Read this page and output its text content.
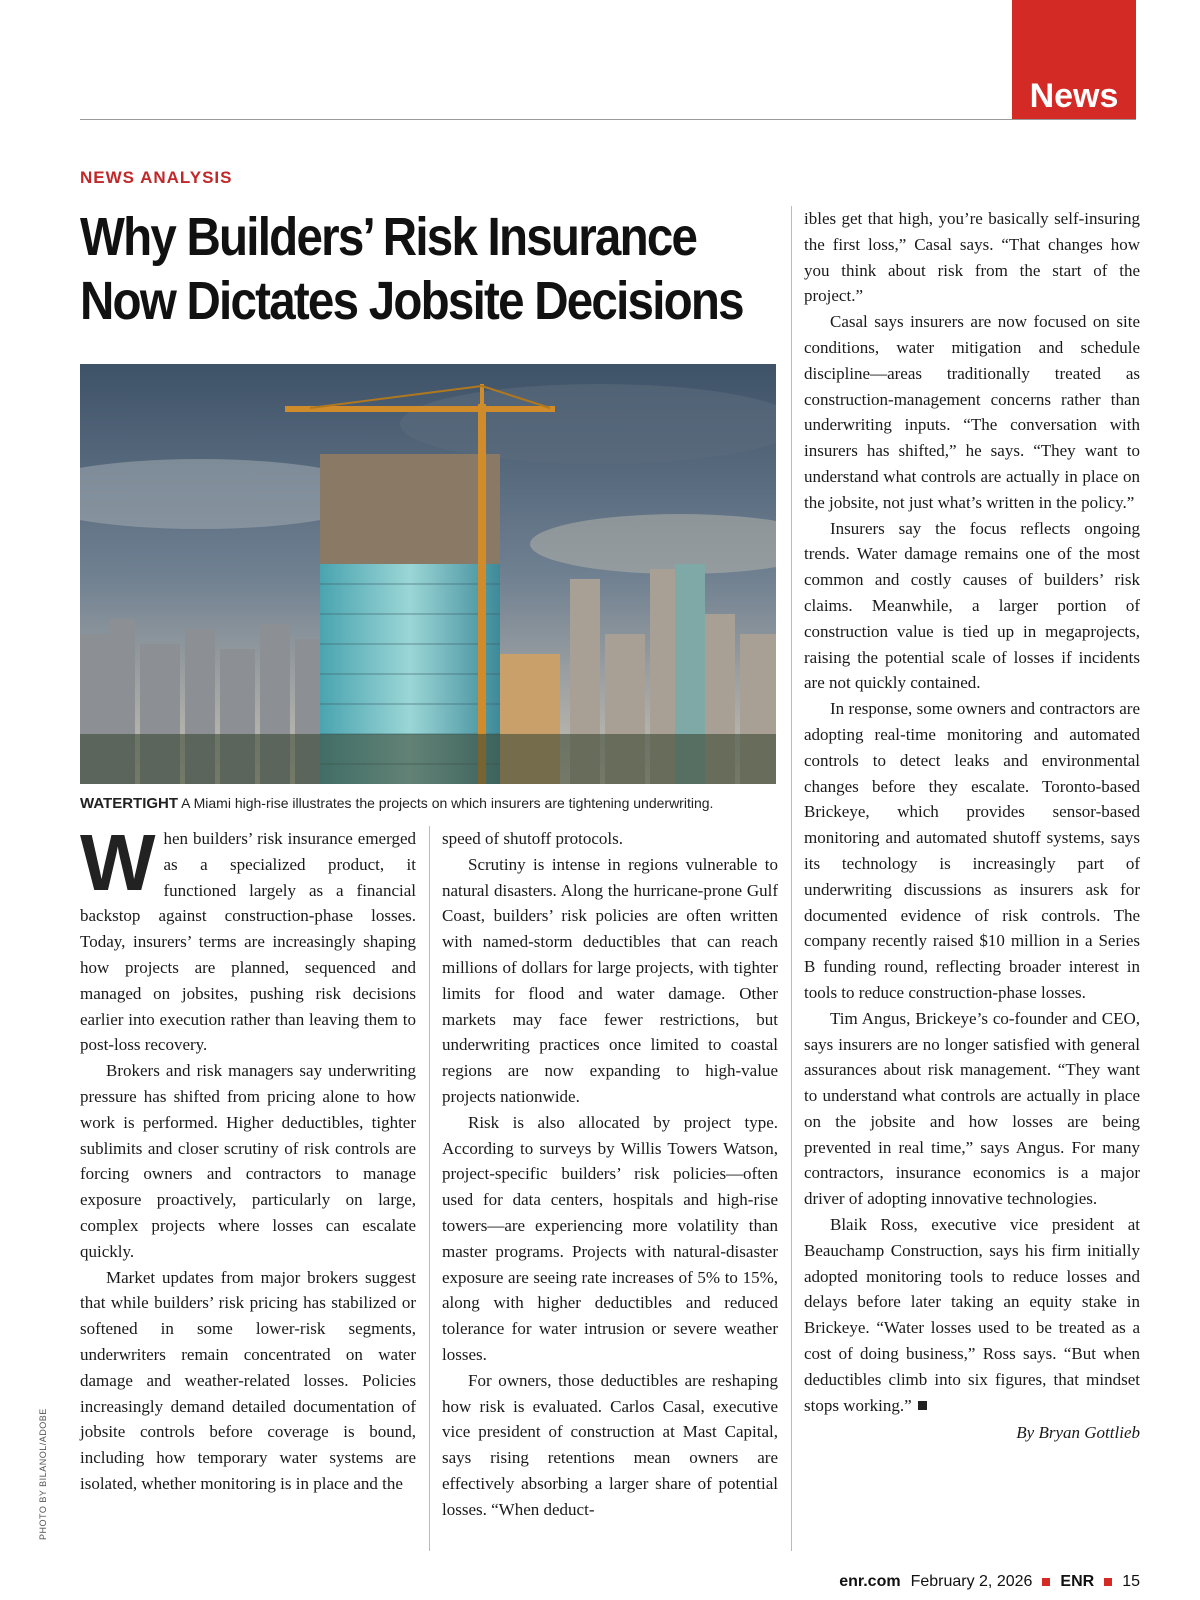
News
NEWS ANALYSIS
Why Builders’ Risk Insurance
Now Dictates Jobsite Decisions
WATERTIGHT A Miami high-rise illustrates the projects on which insurers are tightening underwriting.
PHOTO BY BILANOL/ADOBE

When builders’ risk insurance emerged as a specialized product, it functioned largely as a financial backstop against construction-phase losses. Today, insurers’ terms are increasingly shaping how projects are planned, sequenced and managed on jobsites, pushing risk decisions earlier into execution rather than leaving them to post-loss recovery.

Brokers and risk managers say underwriting pressure has shifted from pricing alone to how work is performed. Higher deductibles, tighter sublimits and closer scrutiny of risk controls are forcing owners and contractors to manage exposure proactively, particularly on large, complex projects where losses can escalate quickly.

Market updates from major brokers suggest that while builders’ risk pricing has stabilized or softened in some lower-risk segments, underwriters remain concentrated on water damage and weather-related losses. Policies increasingly demand detailed documentation of jobsite controls before coverage is bound, including how temporary water systems are isolated, whether monitoring is in place and the

speed of shutoff protocols.

Scrutiny is intense in regions vulnerable to natural disasters. Along the hurricane-prone Gulf Coast, builders’ risk policies are often written with named-storm deductibles that can reach millions of dollars for large projects, with tighter limits for flood and water damage. Other markets may face fewer restrictions, but underwriting practices once limited to coastal regions are now expanding to high-value projects nationwide.

Risk is also allocated by project type. According to surveys by Willis Towers Watson, project-specific builders’ risk policies—often used for data centers, hospitals and high-rise towers—are experiencing more volatility than master programs. Projects with natural-disaster exposure are seeing rate increases of 5% to 15%, along with higher deductibles and reduced tolerance for water intrusion or severe weather losses.

For owners, those deductibles are reshaping how risk is evaluated. Carlos Casal, executive vice president of construction at Mast Capital, says rising retentions mean owners are effectively absorbing a larger share of potential losses. “When deduct-

ibles get that high, you’re basically self-insuring the first loss,” Casal says. “That changes how you think about risk from the start of the project.”

Casal says insurers are now focused on site conditions, water mitigation and schedule discipline—areas traditionally treated as construction-management concerns rather than underwriting inputs. “The conversation with insurers has shifted,” he says. “They want to understand what controls are actually in place on the jobsite, not just what’s written in the policy.”

Insurers say the focus reflects ongoing trends. Water damage remains one of the most common and costly causes of builders’ risk claims. Meanwhile, a larger portion of construction value is tied up in megaprojects, raising the potential scale of losses if incidents are not quickly contained.

In response, some owners and contractors are adopting real-time monitoring and automated controls to detect leaks and environmental changes before they escalate. Toronto-based Brickeye, which provides sensor-based monitoring and automated shutoff systems, says its technology is increasingly part of underwriting discussions as insurers ask for documented evidence of risk controls. The company recently raised $10 million in a Series B funding round, reflecting broader interest in tools to reduce construction-phase losses.

Tim Angus, Brickeye’s co-founder and CEO, says insurers are no longer satisfied with general assurances about risk management. “They want to understand what controls are actually in place on the jobsite and how losses are being prevented in real time,” says Angus. For many contractors, insurance economics is a major driver of adopting innovative technologies.

Blaik Ross, executive vice president at Beauchamp Construction, says his firm initially adopted monitoring tools to reduce losses and delays before later taking an equity stake in Brickeye. “Water losses used to be treated as a cost of doing business,” Ross says. “But when deductibles climb into six figures, that mindset stops working.”

By Bryan Gottlieb

enr.com February 2, 2026 ENR 15
